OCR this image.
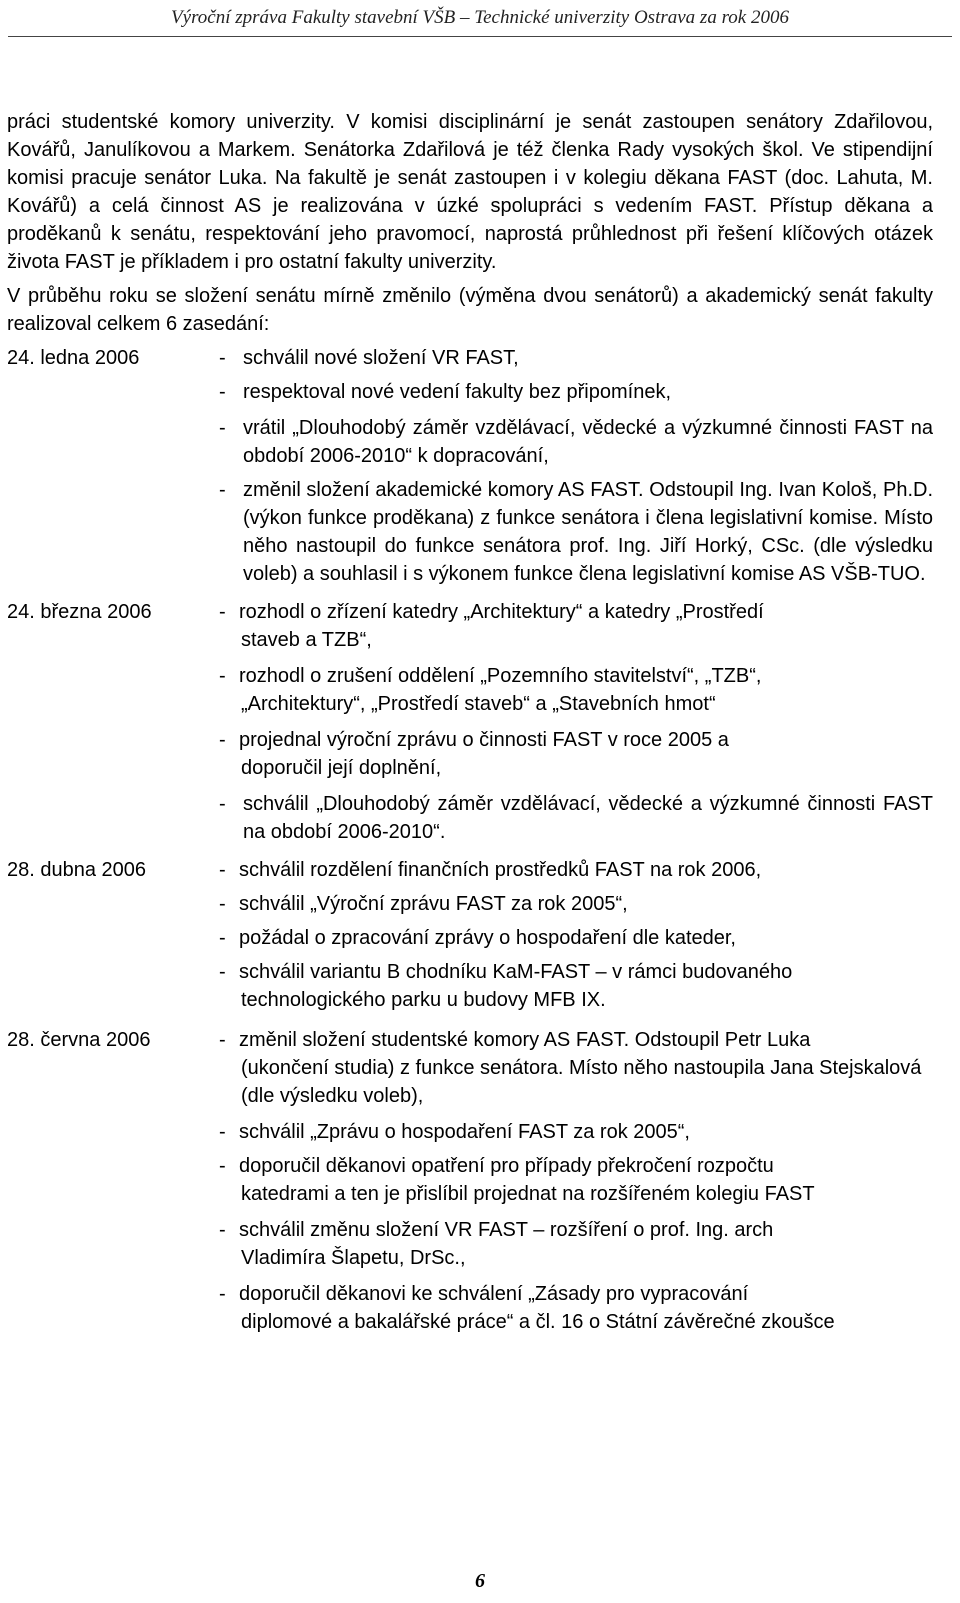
Výroční zpráva Fakulty stavební VŠB – Technické univerzity Ostrava za rok 2006

práci studentské komory univerzity. V komisi disciplinární je senát zastoupen senátory Zdařilovou, Kovářů, Janulíkovou a Markem. Senátorka Zdařilová je též členka Rady vysokých škol. Ve stipendijní komisi pracuje senátor Luka. Na fakultě je senát zastoupen i v kolegiu děkana FAST (doc. Lahuta, M. Kovářů) a celá činnost AS je realizována v úzké spolupráci s vedením FAST. Přístup děkana a proděkanů k senátu, respektování jeho pravomocí, naprostá průhlednost při řešení klíčových otázek života FAST je příkladem i pro ostatní fakulty univerzity.

V průběhu roku se složení senátu mírně změnilo (výměna dvou senátorů) a akademický senát fakulty realizoval celkem 6 zasedání:

24. ledna 2006	- schválil nové složení VR FAST,
- respektoval nové vedení fakulty bez připomínek,
- vrátil „Dlouhodobý záměr vzdělávací, vědecké a výzkumné činnosti FAST na období 2006-2010“ k dopracování,
- změnil složení akademické komory AS FAST. Odstoupil Ing. Ivan Kološ, Ph.D. (výkon funkce proděkana) z funkce senátora i člena legislativní komise. Místo něho nastoupil do funkce senátora prof. Ing. Jiří Horký, CSc. (dle výsledku voleb) a souhlasil i s výkonem funkce člena legislativní komise AS VŠB-TUO.
24. března 2006	- rozhodl o zřízení katedry „Architektury“ a katedry „Prostředí
staveb a TZB“,
- rozhodl o zrušení oddělení „Pozemního stavitelství“, „TZB“,
„Architektury“, „Prostředí staveb“ a „Stavebních hmot“
- projednal výroční zprávu o činnosti FAST v roce 2005 a
doporučil její doplnění,
- schválil „Dlouhodobý záměr vzdělávací, vědecké a výzkumné činnosti FAST na období 2006-2010“.
28. dubna 2006	- schválil rozdělení finančních prostředků FAST na rok 2006,
- schválil „Výroční zprávu FAST za rok 2005“,
- požádal o zpracování zprávy o hospodaření dle kateder,
- schválil variantu B chodníku KaM-FAST – v rámci budovaného
technologického parku u budovy MFB IX.
28. června 2006	- změnil složení studentské komory AS FAST. Odstoupil Petr Luka
(ukončení studia) z funkce senátora. Místo něho nastoupila Jana Stejskalová (dle výsledku voleb),
- schválil „Zprávu o hospodaření FAST za rok 2005“,
- doporučil děkanovi opatření pro případy překročení rozpočtu
katedrami a ten je přislíbil projednat na rozšířeném kolegiu FAST
- schválil změnu složení VR FAST – rozšíření o prof. Ing. arch
Vladimíra Šlapetu, DrSc.,
- doporučil děkanovi ke schválení „Zásady pro vypracování
diplomové a bakalářské práce“ a čl. 16 o Státní závěrečné zkoušce
6
